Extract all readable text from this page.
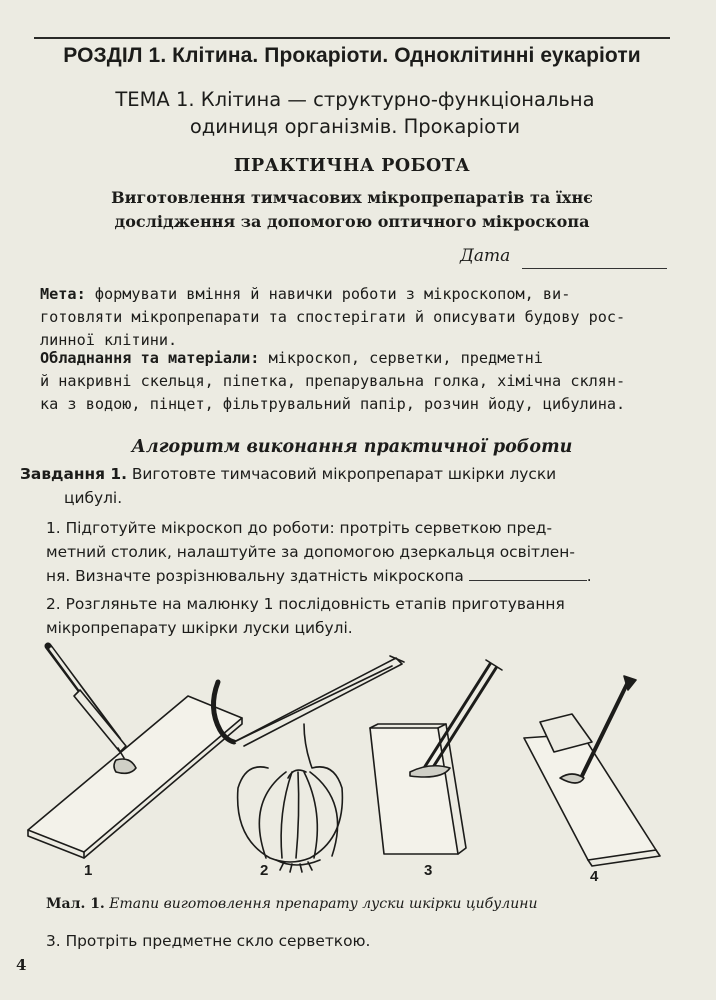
РОЗДІЛ 1. Клітина. Прокаріоти. Одноклітинні еукаріоти
ТЕМА 1. Клітина — структурно-функціональна
одиниця організмів. Прокаріоти
ПРАКТИЧНА РОБОТА
Виготовлення тимчасових мікропрепаратів та їхнє
дослідження за допомогою оптичного мікроскопа
Дата
Мета: формувати вміння й навички роботи з мікроскопом, ви-
готовляти мікропрепарати та спостерігати й описувати будову рос-
линної клітини.
Обладнання та матеріали: мікроскоп, серветки, предметні
й накривні скельця, піпетка, препарувальна голка, хімічна склян-
ка з водою, пінцет, фільтрувальний папір, розчин йоду, цибулина.
Алгоритм виконання практичної роботи
Завдання 1. Виготовте тимчасовий мікропрепарат шкірки луски
цибулі.
1. Підготуйте мікроскоп до роботи: протріть серветкою пред-
метний столик, налаштуйте за допомогою дзеркальця освітлен-
ня. Визначте розрізнювальну здатність мікроскопа	.
2. Розгляньте на малюнку 1 послідовність етапів приготування
мікропрепарату шкірки луски цибулі.
1	2	3	4
Мал. 1. Етапи виготовлення препарату луски шкірки цибулини
3. Протріть предметне скло серветкою.
4
